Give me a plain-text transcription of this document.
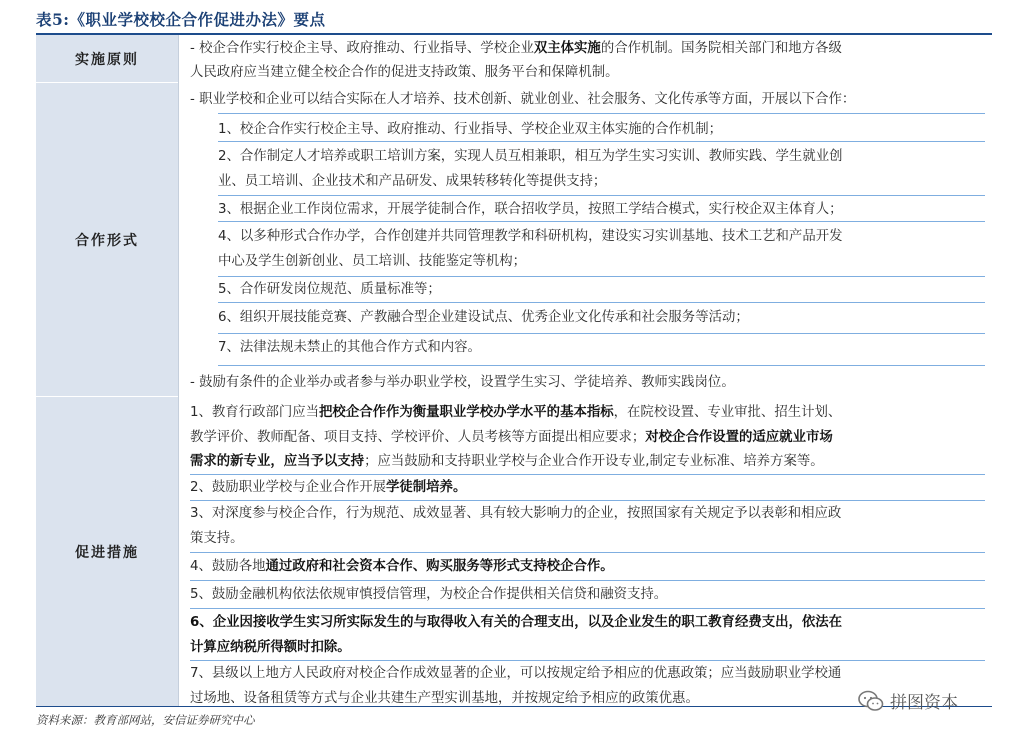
表5:《职业学校校企合作促进办法》要点
实施原则
合作形式
促进措施
- 校企合作实行校企主导、政府推动、行业指导、学校企业双主体实施的合作机制。国务院相关部门和地方各级
人民政府应当建立健全校企合作的促进支持政策、服务平台和保障机制。
- 职业学校和企业可以结合实际在人才培养、技术创新、就业创业、社会服务、文化传承等方面，开展以下合作：
1、校企合作实行校企主导、政府推动、行业指导、学校企业双主体实施的合作机制；
2、合作制定人才培养或职工培训方案，实现人员互相兼职，相互为学生实习实训、教师实践、学生就业创
业、员工培训、企业技术和产品研发、成果转移转化等提供支持；
3、根据企业工作岗位需求，开展学徒制合作，联合招收学员，按照工学结合模式，实行校企双主体育人；
4、以多种形式合作办学，合作创建并共同管理教学和科研机构，建设实习实训基地、技术工艺和产品开发
中心及学生创新创业、员工培训、技能鉴定等机构；
5、合作研发岗位规范、质量标准等；
6、组织开展技能竞赛、产教融合型企业建设试点、优秀企业文化传承和社会服务等活动；
7、法律法规未禁止的其他合作方式和内容。
- 鼓励有条件的企业举办或者参与举办职业学校，设置学生实习、学徒培养、教师实践岗位。
1、教育行政部门应当把校企合作作为衡量职业学校办学水平的基本指标，在院校设置、专业审批、招生计划、
教学评价、教师配备、项目支持、学校评价、人员考核等方面提出相应要求；对校企合作设置的适应就业市场
需求的新专业，应当予以支持；应当鼓励和支持职业学校与企业合作开设专业,制定专业标准、培养方案等。
2、鼓励职业学校与企业合作开展学徒制培养。
3、对深度参与校企合作，行为规范、成效显著、具有较大影响力的企业，按照国家有关规定予以表彰和相应政
策支持。
4、鼓励各地通过政府和社会资本合作、购买服务等形式支持校企合作。
5、鼓励金融机构依法依规审慎授信管理，为校企合作提供相关信贷和融资支持。
6、企业因接收学生实习所实际发生的与取得收入有关的合理支出，以及企业发生的职工教育经费支出，依法在
计算应纳税所得额时扣除。
7、县级以上地方人民政府对校企合作成效显著的企业，可以按规定给予相应的优惠政策；应当鼓励职业学校通
过场地、设备租赁等方式与企业共建生产型实训基地，并按规定给予相应的政策优惠。
资料来源：教育部网站，安信证券研究中心
拼图资本
